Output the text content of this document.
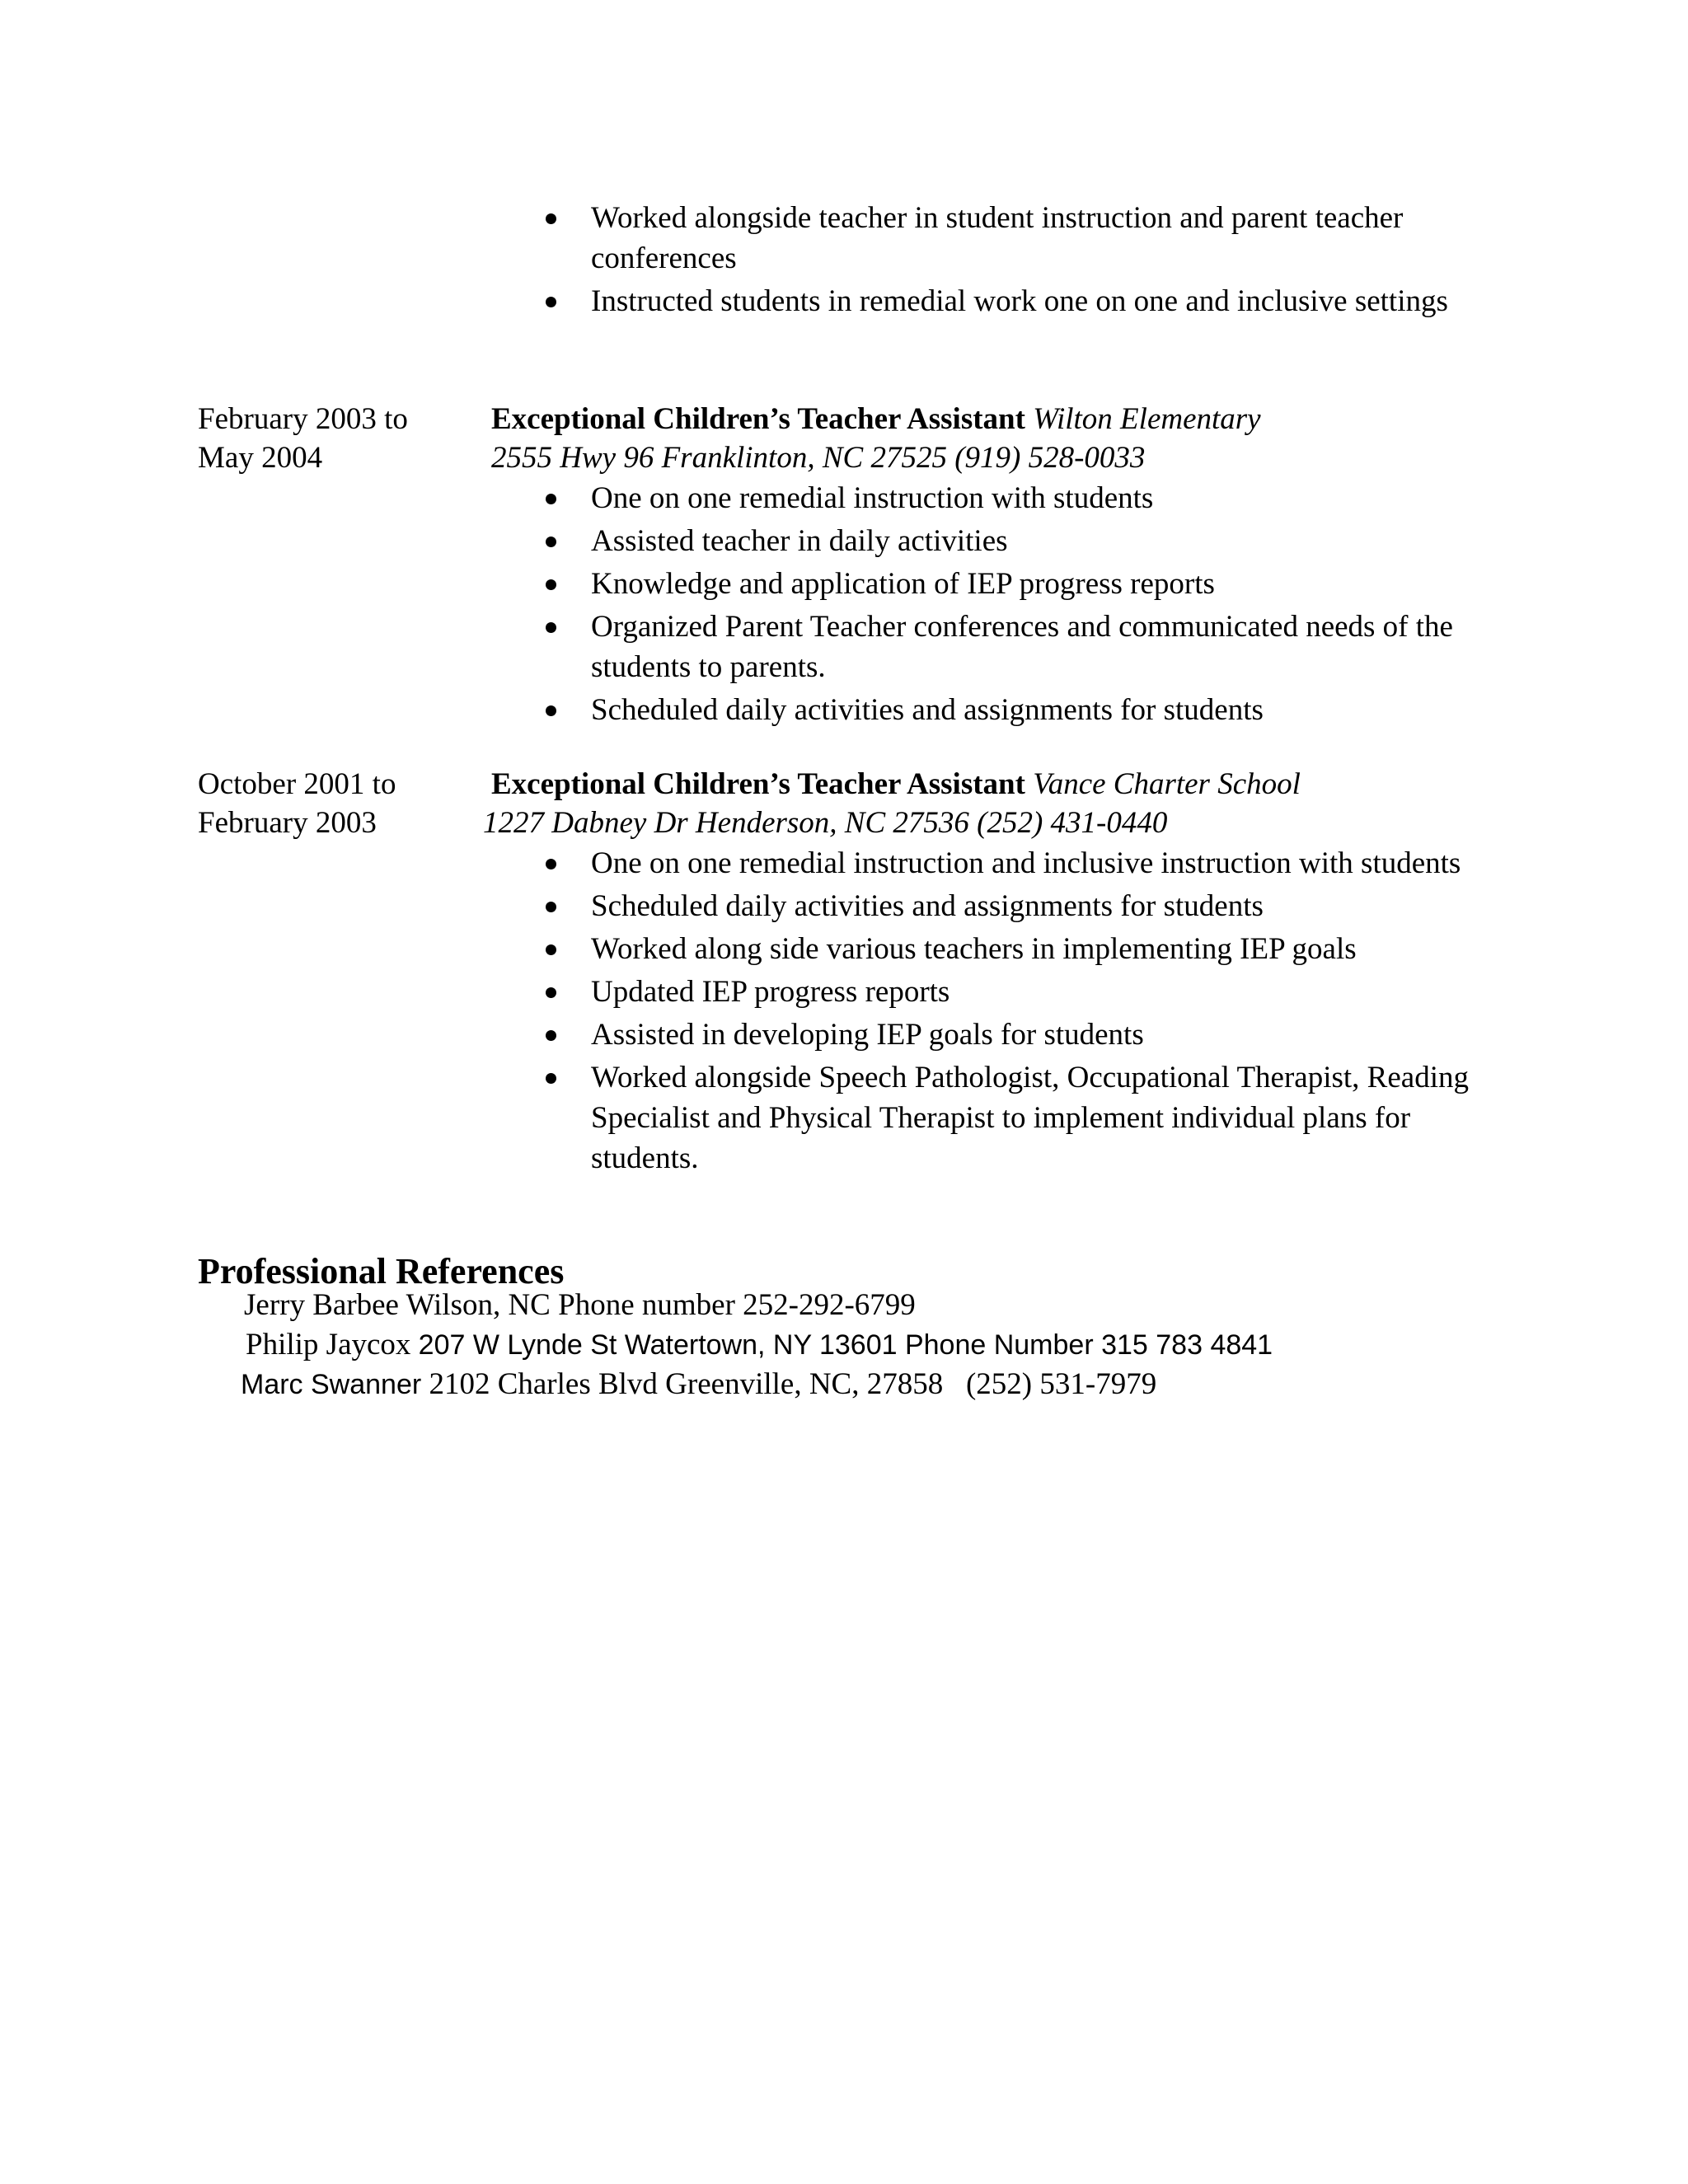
Worked alongside teacher in student instruction and parent teacher conferences
Instructed students in remedial work one on one and inclusive settings
February 2003 to
May 2004
Exceptional Children’s Teacher Assistant Wilton Elementary
2555 Hwy 96 Franklinton, NC 27525 (919) 528-0033
One on one remedial instruction with students
Assisted teacher in daily activities
Knowledge and application of IEP progress reports
Organized Parent Teacher conferences and communicated needs of the students to parents.
Scheduled daily activities and assignments for students
October 2001 to
February 2003
Exceptional Children’s Teacher Assistant Vance Charter School
1227 Dabney Dr Henderson, NC 27536 (252) 431-0440
One on one remedial instruction and inclusive instruction with students
Scheduled daily activities and assignments for students
Worked along side various teachers in implementing IEP goals
Updated IEP progress reports
Assisted in developing IEP goals for students
Worked alongside Speech Pathologist, Occupational Therapist, Reading Specialist and Physical Therapist to implement individual plans for students.
Professional References
Jerry Barbee Wilson, NC Phone number 252-292-6799
Philip Jaycox 207 W Lynde St Watertown, NY 13601 Phone Number 315 783 4841
Marc Swanner 2102 Charles Blvd Greenville, NC, 27858   (252) 531-7979
